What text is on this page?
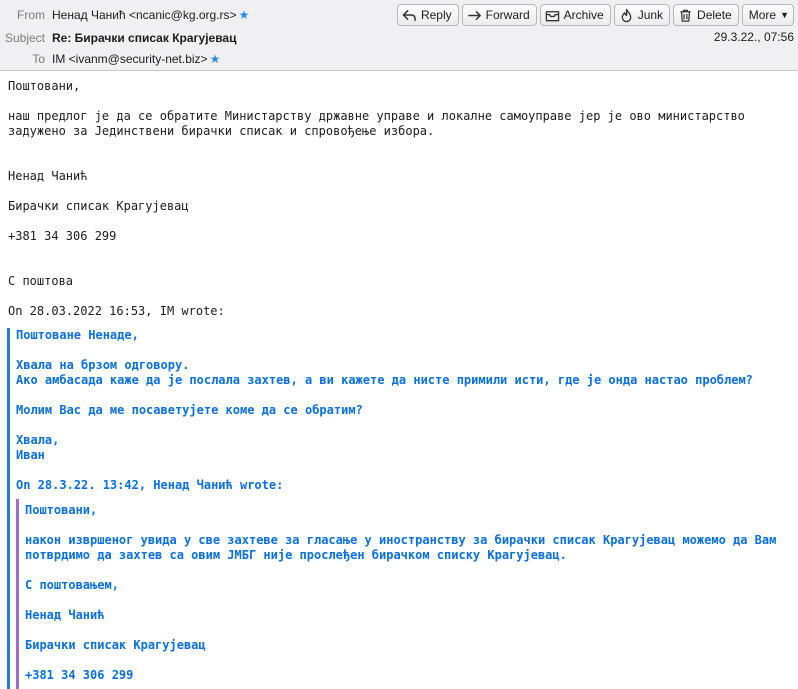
From Ненад Чанић <ncanic@kg.org.rs> ★
Subject Re: Бирачки списак Крагујевац
To IM <ivanm@security-net.biz> ★
Reply	Forward	Archive	Junk	Delete More ▼
29.3.22., 07:56
Поштовани,
наш предлог је да се обратите Министарству државне управе и локалне самоуправе јер је ово министарство
задужено за Јединствени бирачки списак и спровођење избора.
Ненад Чанић
Бирачки списак Крагујевац
+381 34 306 299
С поштова
On 28.03.2022 16:53, IM wrote:
Поштоване Ненаде,
Хвала на брзом одговору.
Ако амбасада каже да је послала захтев, а ви кажете да нисте примили исти, где је онда настао проблем?
Молим Вас да ме посаветујете коме да се обратим?
Хвала,
Иван
On 28.3.22. 13:42, Ненад Чанић wrote:
Поштовани,
након извршеног увида у све захтеве за гласање у иностранству за бирачки списак Крагујевац можемо да Вам
потврдимо да захтев са овим ЈМБГ није прослеђен бирачком списку Крагујевац.
С поштовањем,
Ненад Чанић
Бирачки списак Крагујевац
+381 34 306 299
